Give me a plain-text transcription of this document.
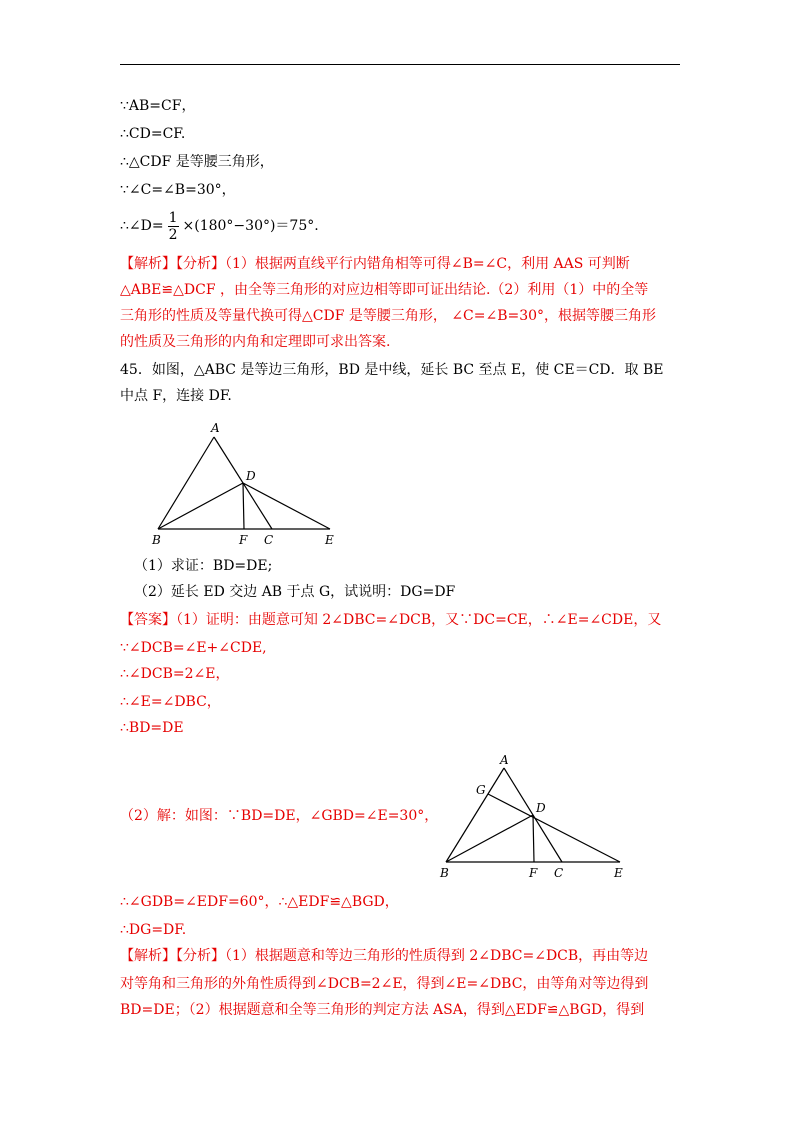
∵AB=CF，
∴CD=CF.
∴△CDF 是等腰三角形，
∵∠C=∠B=30°，
∴∠D= $\frac{1}{2} \times(180^\circ-30^\circ)=75^\circ$.
【解析】【分析】（1）根据两直线平行内错角相等可得∠B=∠C，利用 AAS 可判断
△ABE≌△DCF ，由全等三角形的对应边相等即可证出结论.（2）利用（1）中的全等
三角形的性质及等量代换可得△CDF 是等腰三角形， ∠C=∠B=30°，根据等腰三角形
的性质及三角形的内角和定理即可求出答案.
45．如图，△ABC 是等边三角形，BD 是中线，延长 BC 至点 E，使 CE＝CD．取 BE
中点 F，连接 DF.
A
D
B	F C	E
（1）求证：BD=DE;
（2）延长 ED 交边 AB 于点 G，试说明：DG=DF
【答案】（1）证明：由题意可知 2∠DBC=∠DCB，又∵DC=CE，∴∠E=∠CDE，又
∵∠DCB=∠E+∠CDE,
∴∠DCB=2∠E，
∴∠E=∠DBC，
∴BD=DE
（2）解：如图：∵BD=DE，∠GBD=∠E=30°，
A
G
D
B	F C	E
∴∠GDB=∠EDF=60°，∴△EDF≌△BGD，
∴DG=DF.
【解析】【分析】（1）根据题意和等边三角形的性质得到 2∠DBC=∠DCB，再由等边
对等角和三角形的外角性质得到∠DCB=2∠E，得到∠E=∠DBC，由等角对等边得到
BD=DE；（2）根据题意和全等三角形的判定方法 ASA，得到△EDF≌△BGD，得到
